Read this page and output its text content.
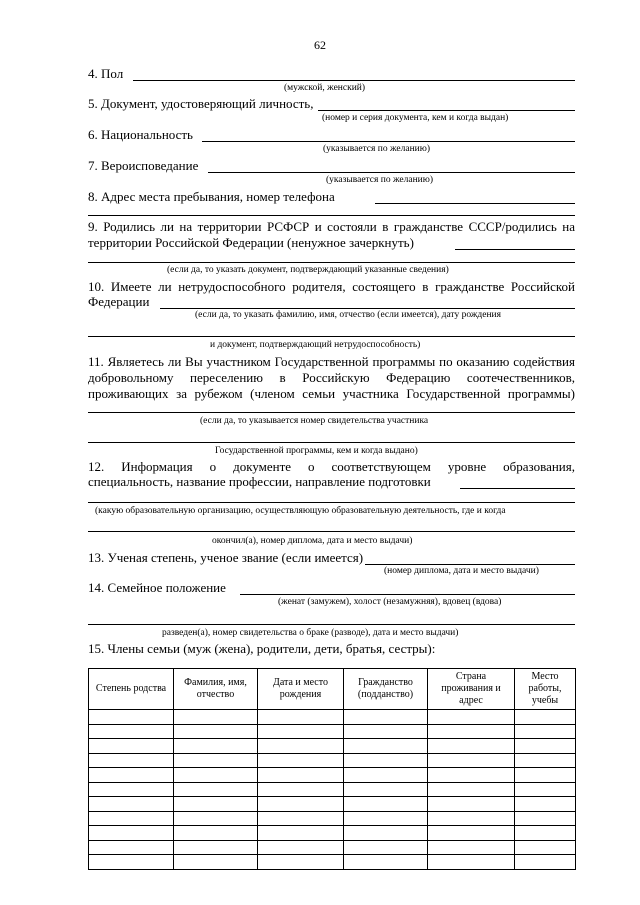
62
4. Пол
(мужской, женский)
5. Документ, удостоверяющий личность,
(номер и серия документа, кем и когда выдан)
6. Национальность
(указывается по желанию)
7. Вероисповедание
(указывается по желанию)
8. Адрес места пребывания, номер телефона
9. Родились ли на территории РСФСР и состояли в гражданстве СССР/родились на
территории Российской Федерации (ненужное зачеркнуть)
(если да, то указать документ, подтверждающий указанные сведения)
10. Имеете ли нетрудоспособного родителя, состоящего в гражданстве Российской
Федерации
(если да, то указать фамилию, имя, отчество (если имеется), дату рождения
и документ, подтверждающий нетрудоспособность)
11. Являетесь ли Вы участником Государственной программы по оказанию содействия
добровольному переселению в Российскую Федерацию соотечественников,
проживающих за рубежом (членом семьи участника Государственной программы)
(если да, то указывается номер свидетельства участника
Государственной программы, кем и когда выдано)
12. Информация о документе о соответствующем уровне образования,
специальность, название профессии, направление подготовки
(какую образовательную организацию, осуществляющую образовательную деятельность, где и когда
окончил(а), номер диплома, дата и место выдачи)
13. Ученая степень, ученое звание (если имеется)
(номер диплома, дата и место выдачи)
14. Семейное положение
(женат (замужем), холост (незамужняя), вдовец (вдова)
разведен(а), номер свидетельства о браке (разводе), дата и место выдачи)
15. Члены семьи (муж (жена), родители, дети, братья, сестры):
Степень родства	Фамилия, имя, отчество	Дата и место рождения	Гражданство (подданство)	Страна проживания и адрес	Место работы, учебы
